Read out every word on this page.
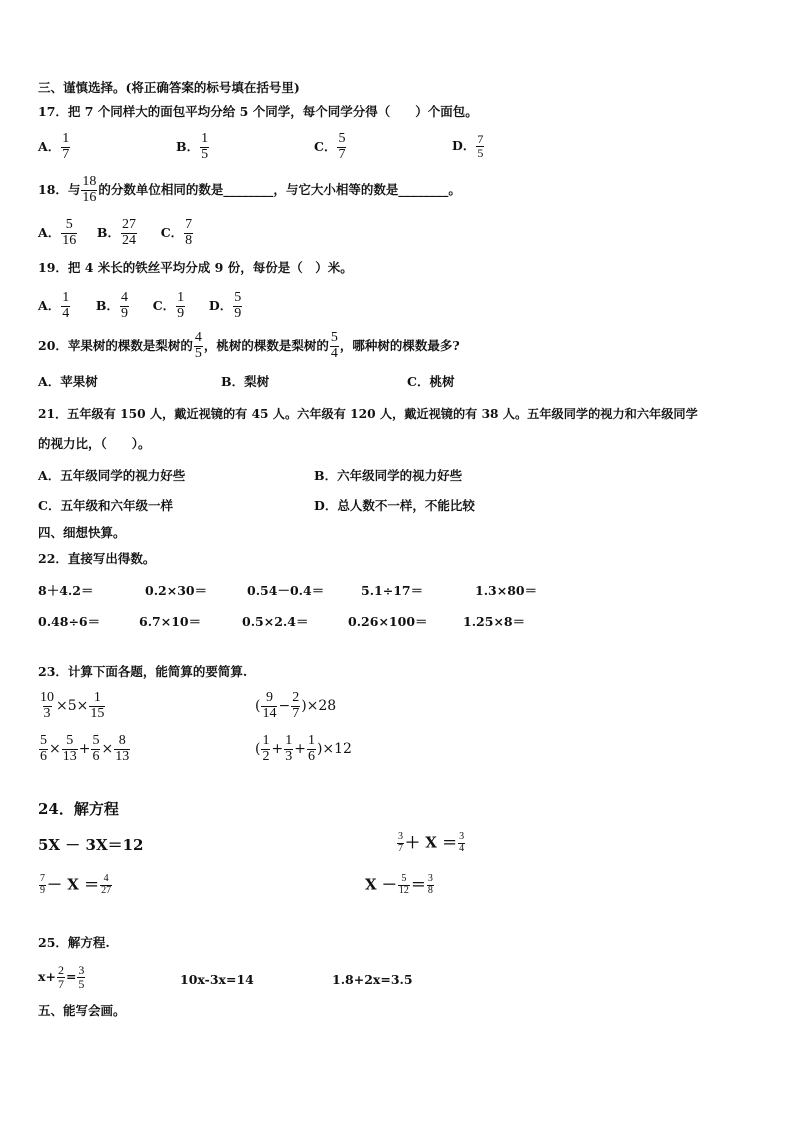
三、谨慎选择。(将正确答案的标号填在括号里)
17．把 7 个同样大的面包平均分给 5 个同学，每个同学分得（　　）个面包。
A． $\frac{1}{7}$	B． $\frac{1}{5}$	C． $\frac{5}{7}$	D． $\frac{7}{5}$
18．与 $\frac{18}{16}$ 的分数单位相同的数是________，与它大小相等的数是________。
A． $\frac{5}{16}$ B． $\frac{27}{24}$ C． $\frac{7}{8}$
19．把 4 米长的铁丝平均分成 9 份，每份是（　）米。
A． $\frac{1}{4}$ B． $\frac{4}{9}$ C． $\frac{1}{9}$ D． $\frac{5}{9}$
20．苹果树的棵数是梨树的 $\frac{4}{5}$ ，桃树的棵数是梨树的 $\frac{5}{4}$ ，哪种树的棵数最多?
A．苹果树	B．梨树	C．桃树
21．五年级有 150 人，戴近视镜的有 45 人。六年级有 120 人，戴近视镜的有 38 人。五年级同学的视力和六年级同学
的视力比，（　　）。
A．五年级同学的视力好些	B．六年级同学的视力好些
C．五年级和六年级一样	D．总人数不一样，不能比较
四、细想快算。
22．直接写出得数。
8＋4.2＝	0.2×30＝	0.54－0.4＝	5.1÷17＝	1.3×80＝
0.48÷6＝	6.7×10＝	0.5×2.4＝	0.26×100＝	1.25×8＝
23．计算下面各题，能简算的要简算.
$\frac{10}{3} \times 5\times \frac{1}{15}$	( $\frac{9}{14} - \frac{2}{7} )\times 28$
$\frac{5}{6} \times \frac{5}{13} + \frac{5}{6} \times \frac{8}{13}$	( $\frac{1}{2} + \frac{1}{3} + \frac{1}{6} )\times 12$
24．解方程
5X － 3X＝12	$\frac{3}{7} + X = \frac{3}{4}$
$\frac{7}{9} - X = \frac{4}{27}$	$X - \frac{5}{12} = \frac{3}{8}$
25．解方程.
$x+ \frac{2}{7} = \frac{3}{5}$	10x-3x=14	1.8+2x=3.5
五、能写会画。
